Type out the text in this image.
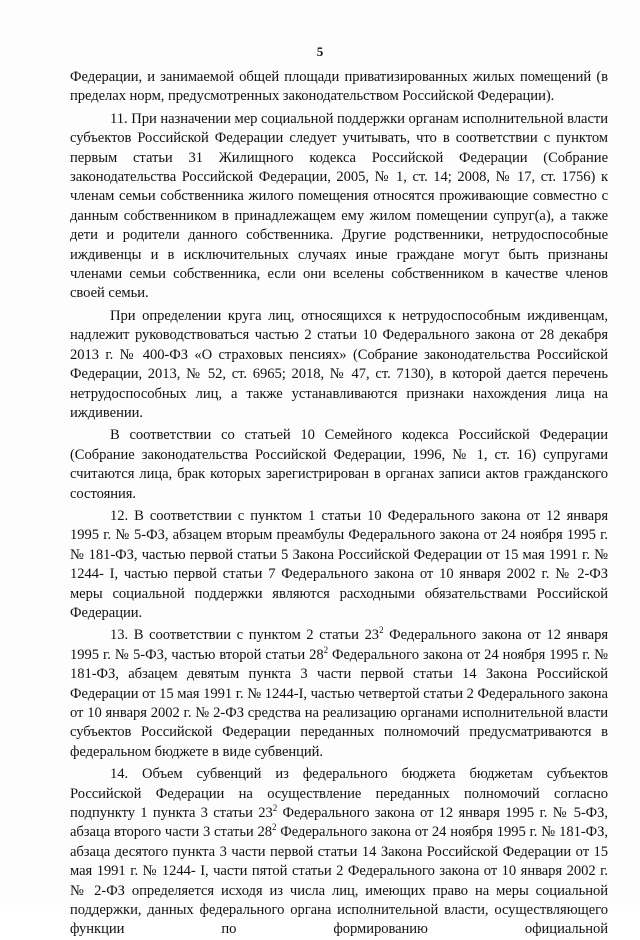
5

Федерации, и занимаемой общей площади приватизированных жилых помещений (в пределах норм, предусмотренных законодательством Российской Федерации).

11. При назначении мер социальной поддержки органам исполнительной власти субъектов Российской Федерации следует учитывать, что в соответствии с пунктом первым статьи 31 Жилищного кодекса Российской Федерации (Собрание законодательства Российской Федерации, 2005, № 1, ст. 14; 2008, № 17, ст. 1756) к членам семьи собственника жилого помещения относятся проживающие совместно с данным собственником в принадлежащем ему жилом помещении супруг(а), а также дети и родители данного собственника. Другие родственники, нетрудоспособные иждивенцы и в исключительных случаях иные граждане могут быть признаны членами семьи собственника, если они вселены собственником в качестве членов своей семьи.

При определении круга лиц, относящихся к нетрудоспособным иждивенцам, надлежит руководствоваться частью 2 статьи 10 Федерального закона от 28 декабря 2013 г. № 400-ФЗ «О страховых пенсиях» (Собрание законодательства Российской Федерации, 2013, № 52, ст. 6965; 2018, № 47, ст. 7130), в которой дается перечень нетрудоспособных лиц, а также устанавливаются признаки нахождения лица на иждивении.

В соответствии со статьей 10 Семейного кодекса Российской Федерации (Собрание законодательства Российской Федерации, 1996, № 1, ст. 16) супругами считаются лица, брак которых зарегистрирован в органах записи актов гражданского состояния.

12. В соответствии с пунктом 1 статьи 10 Федерального закона от 12 января 1995 г. № 5-ФЗ, абзацем вторым преамбулы Федерального закона от 24 ноября 1995 г. № 181-ФЗ, частью первой статьи 5 Закона Российской Федерации от 15 мая 1991 г. № 1244- I, частью первой статьи 7 Федерального закона от 10 января 2002 г. № 2-ФЗ меры социальной поддержки являются расходными обязательствами Российской Федерации.

13. В соответствии с пунктом 2 статьи $23^2$ Федерального закона от 12 января 1995 г. № 5-ФЗ, частью второй статьи $28^2$ Федерального закона от 24 ноября 1995 г. № 181-ФЗ, абзацем девятым пункта 3 части первой статьи 14 Закона Российской Федерации от 15 мая 1991 г. № 1244-I, частью четвертой статьи 2 Федерального закона от 10 января 2002 г. № 2-ФЗ средства на реализацию органами исполнительной власти субъектов Российской Федерации переданных полномочий предусматриваются в федеральном бюджете в виде субвенций.

14. Объем субвенций из федерального бюджета бюджетам субъектов Российской Федерации на осуществление переданных полномочий согласно подпункту 1 пункта 3 статьи $23^2$ Федерального закона от 12 января 1995 г. № 5-ФЗ, абзаца второго части 3 статьи $28^2$ Федерального закона от 24 ноября 1995 г. № 181-ФЗ, абзаца десятого пункта 3 части первой статьи 14 Закона Российской Федерации от 15 мая 1991 г. № 1244- I, части пятой статьи 2 Федерального закона от 10 января 2002 г. № 2-ФЗ определяется исходя из числа лиц, имеющих право на меры социальной поддержки, данных федерального органа исполнительной власти, осуществляющего функции по формированию официальной
